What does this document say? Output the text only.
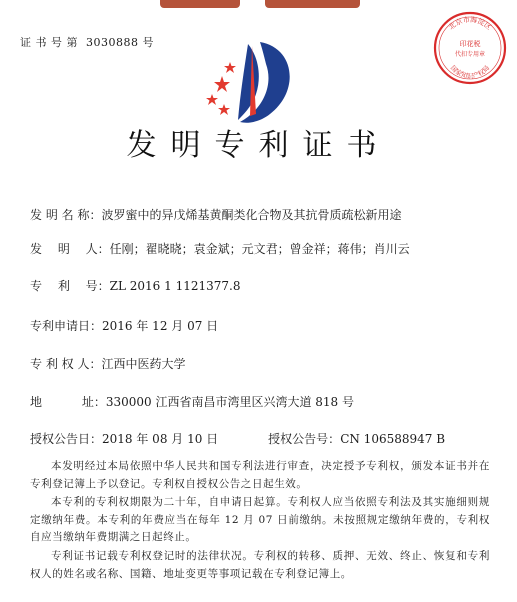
证 书 号 第 3030888 号
北京市海淀区
国家知识产权局
印花税
代扣专用章
发明专利证书
发 明 名 称：波罗蜜中的异戊烯基黄酮类化合物及其抗骨质疏松新用途
发　 明　 人：任刚；翟晓晓；袁金斌；元文君；曾金祥；蒋伟；肖川云
专　 利　 号：ZL 2016 1 1121377.8
专利申请日：2016 年 12 月 07 日
专 利 权 人：江西中医药大学
地　　　 址：330000 江西省南昌市湾里区兴湾大道 818 号
授权公告日：2018 年 08 月 10 日	授权公告号：CN 106588947 B

本发明经过本局依照中华人民共和国专利法进行审查，决定授予专利权，颁发本证书并在专利登记簿上予以登记。专利权自授权公告之日起生效。

本专利的专利权期限为二十年，自申请日起算。专利权人应当依照专利法及其实施细则规定缴纳年费。本专利的年费应当在每年 12 月 07 日前缴纳。未按照规定缴纳年费的，专利权自应当缴纳年费期满之日起终止。

专利证书记载专利权登记时的法律状况。专利权的转移、质押、无效、终止、恢复和专利权人的姓名或名称、国籍、地址变更等事项记载在专利登记簿上。
